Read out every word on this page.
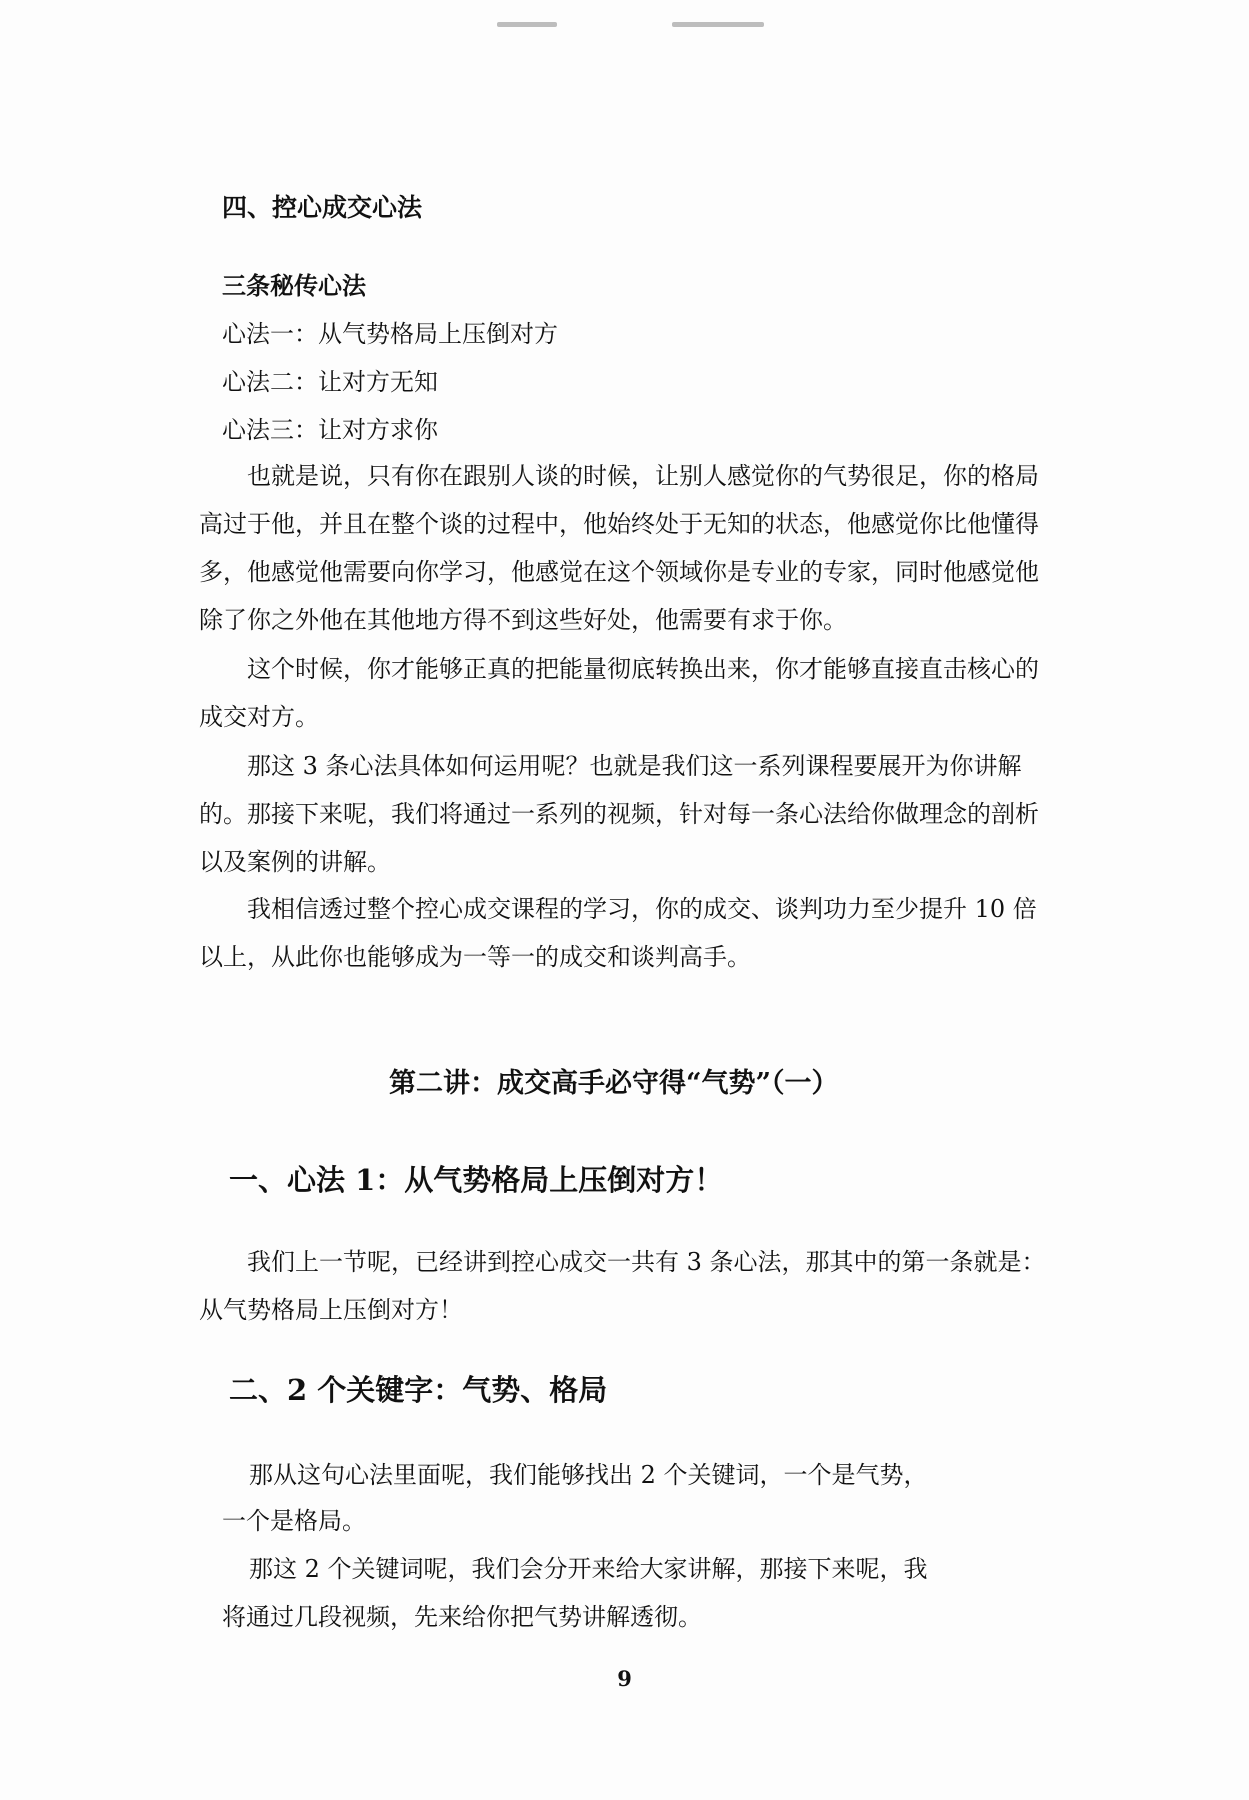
四、控心成交心法
三条秘传心法
心法一：从气势格局上压倒对方
心法二：让对方无知
心法三：让对方求你
也就是说，只有你在跟别人谈的时候，让别人感觉你的气势很足，你的格局
高过于他，并且在整个谈的过程中，他始终处于无知的状态，他感觉你比他懂得
多，他感觉他需要向你学习，他感觉在这个领域你是专业的专家，同时他感觉他
除了你之外他在其他地方得不到这些好处，他需要有求于你。
这个时候，你才能够正真的把能量彻底转换出来，你才能够直接直击核心的
成交对方。
那这 3 条心法具体如何运用呢？也就是我们这一系列课程要展开为你讲解
的。那接下来呢，我们将通过一系列的视频，针对每一条心法给你做理念的剖析
以及案例的讲解。
我相信透过整个控心成交课程的学习，你的成交、谈判功力至少提升 10 倍
以上，从此你也能够成为一等一的成交和谈判高手。
第二讲：成交高手必守得“气势”（一）
一、心法 1：从气势格局上压倒对方！
我们上一节呢，已经讲到控心成交一共有 3 条心法，那其中的第一条就是：
从气势格局上压倒对方！
二、2 个关键字：气势、格局
那从这句心法里面呢，我们能够找出 2 个关键词，一个是气势，
一个是格局。
那这 2 个关键词呢，我们会分开来给大家讲解，那接下来呢，我
将通过几段视频，先来给你把气势讲解透彻。
9
